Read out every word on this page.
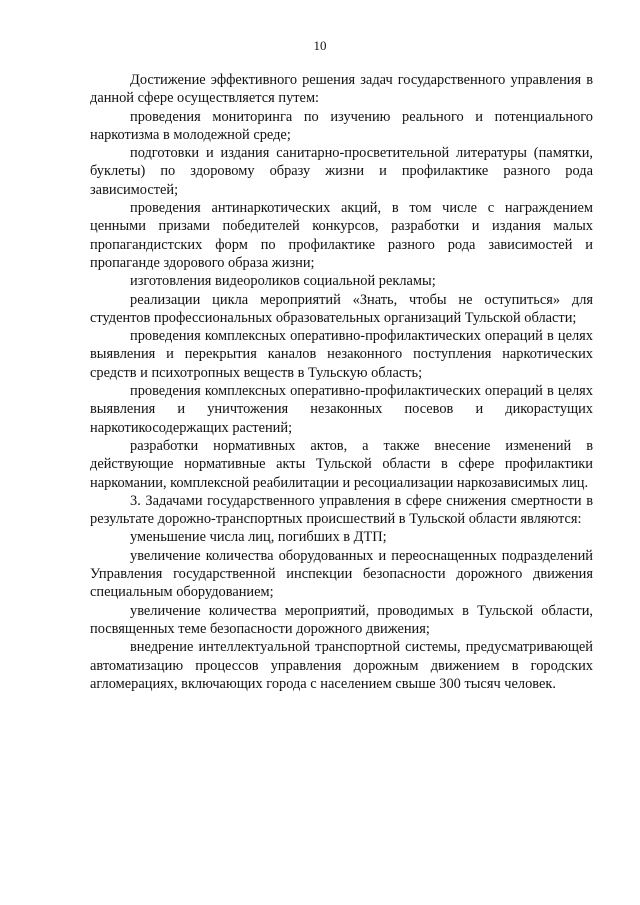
10

Достижение эффективного решения задач государственного управления в данной сфере осуществляется путем:

проведения мониторинга по изучению реального и потенциального наркотизма в молодежной среде;

подготовки и издания санитарно-просветительной литературы (памятки, буклеты) по здоровому образу жизни и профилактике разного рода зависимостей;

проведения антинаркотических акций, в том числе с награждением ценными призами победителей конкурсов, разработки и издания малых пропагандистских форм по профилактике разного рода зависимостей и пропаганде здорового образа жизни;

изготовления видеороликов социальной рекламы;

реализации цикла мероприятий «Знать, чтобы не оступиться» для студентов профессиональных образовательных организаций Тульской области;

проведения комплексных оперативно-профилактических операций в целях выявления и перекрытия каналов незаконного поступления наркотических средств и психотропных веществ в Тульскую область;

проведения комплексных оперативно-профилактических операций в целях выявления и уничтожения незаконных посевов и дикорастущих наркотикосодержащих растений;

разработки нормативных актов, а также внесение изменений в действующие нормативные акты Тульской области в сфере профилактики наркомании, комплексной реабилитации и ресоциализации наркозависимых лиц.

3. Задачами государственного управления в сфере снижения смертности в результате дорожно-транспортных происшествий в Тульской области являются:

уменьшение числа лиц, погибших в ДТП;

увеличение количества оборудованных и переоснащенных подразделений Управления государственной инспекции безопасности дорожного движения специальным оборудованием;

увеличение количества мероприятий, проводимых в Тульской области, посвященных теме безопасности дорожного движения;

внедрение интеллектуальной транспортной системы, предусматривающей автоматизацию процессов управления дорожным движением в городских агломерациях, включающих города с населением свыше 300 тысяч человек.
